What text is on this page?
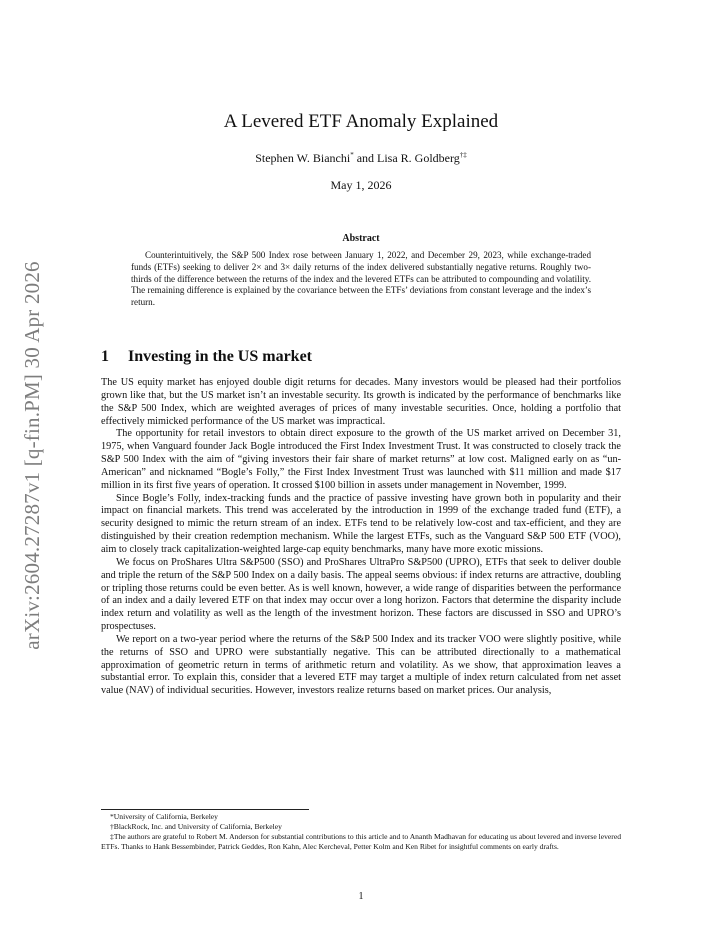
arXiv:2604.27287v1 [q-fin.PM] 30 Apr 2026
A Levered ETF Anomaly Explained
Stephen W. Bianchi* and Lisa R. Goldberg†‡
May 1, 2026
Abstract
Counterintuitively, the S&P 500 Index rose between January 1, 2022, and December 29, 2023, while exchange-traded funds (ETFs) seeking to deliver 2× and 3× daily returns of the index delivered substantially negative returns. Roughly two-thirds of the difference between the returns of the index and the levered ETFs can be attributed to compounding and volatility. The remaining difference is explained by the covariance between the ETFs’ deviations from constant leverage and the index’s return.
1 Investing in the US market

The US equity market has enjoyed double digit returns for decades. Many investors would be pleased had their portfolios grown like that, but the US market isn’t an investable security. Its growth is indicated by the performance of benchmarks like the S&P 500 Index, which are weighted averages of prices of many investable securities. Once, holding a portfolio that effectively mimicked performance of the US market was impractical.

The opportunity for retail investors to obtain direct exposure to the growth of the US market arrived on December 31, 1975, when Vanguard founder Jack Bogle introduced the First Index Investment Trust. It was constructed to closely track the S&P 500 Index with the aim of “giving investors their fair share of market returns” at low cost. Maligned early on as “un-American” and nicknamed “Bogle’s Folly,” the First Index Investment Trust was launched with $11 million and made $17 million in its first five years of operation. It crossed $100 billion in assets under management in November, 1999.

Since Bogle’s Folly, index-tracking funds and the practice of passive investing have grown both in popularity and their impact on financial markets. This trend was accelerated by the introduction in 1999 of the exchange traded fund (ETF), a security designed to mimic the return stream of an index. ETFs tend to be relatively low-cost and tax-efficient, and they are distinguished by their creation redemption mechanism. While the largest ETFs, such as the Vanguard S&P 500 ETF (VOO), aim to closely track capitalization-weighted large-cap equity benchmarks, many have more exotic missions.

We focus on ProShares Ultra S&P500 (SSO) and ProShares UltraPro S&P500 (UPRO), ETFs that seek to deliver double and triple the return of the S&P 500 Index on a daily basis. The appeal seems obvious: if index returns are attractive, doubling or tripling those returns could be even better. As is well known, however, a wide range of disparities between the performance of an index and a daily levered ETF on that index may occur over a long horizon. Factors that determine the disparity include index return and volatility as well as the length of the investment horizon. These factors are discussed in SSO and UPRO’s prospectuses.

We report on a two-year period where the returns of the S&P 500 Index and its tracker VOO were slightly positive, while the returns of SSO and UPRO were substantially negative. This can be attributed directionally to a mathematical approximation of geometric return in terms of arithmetic return and volatility. As we show, that approximation leaves a substantial error. To explain this, consider that a levered ETF may target a multiple of index return calculated from net asset value (NAV) of individual securities. However, investors realize returns based on market prices. Our analysis,

*University of California, Berkeley

†BlackRock, Inc. and University of California, Berkeley

‡The authors are grateful to Robert M. Anderson for substantial contributions to this article and to Ananth Madhavan for educating us about levered and inverse levered ETFs. Thanks to Hank Bessembinder, Patrick Geddes, Ron Kahn, Alec Kercheval, Petter Kolm and Ken Ribet for insightful comments on early drafts.

1
